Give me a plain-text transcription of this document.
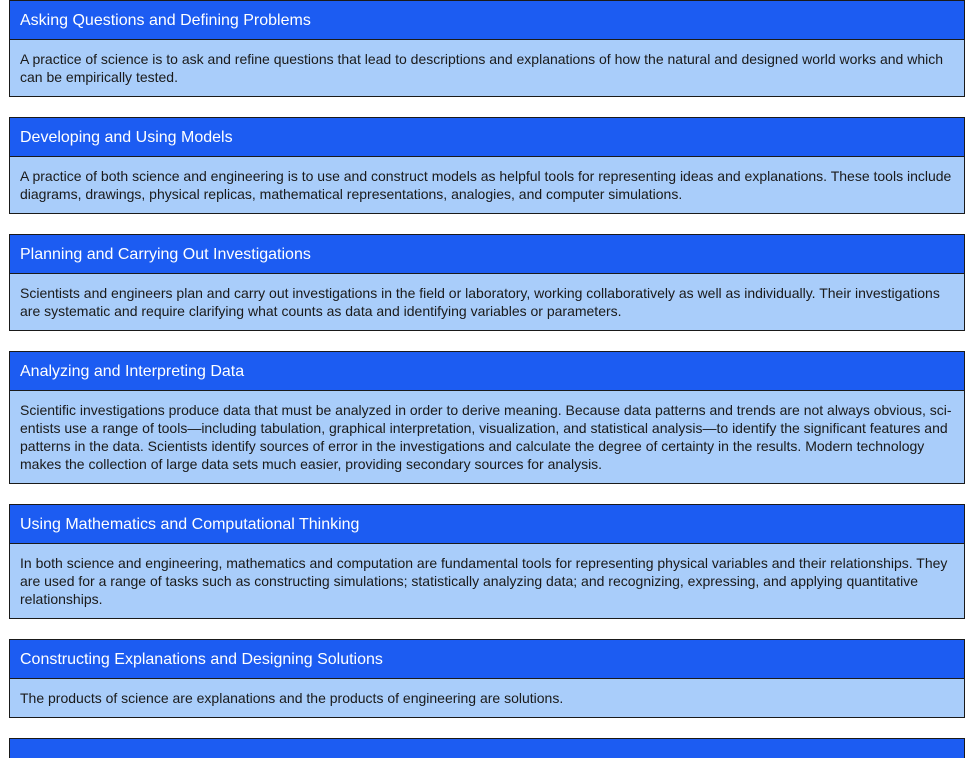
Asking Questions and Defining Problems
A practice of science is to ask and refine questions that lead to descriptions and explanations of how the natural and designed world works and which can be empirically tested.
Developing and Using Models
A practice of both science and engineering is to use and construct models as helpful tools for representing ideas and explanations. These tools include diagrams, drawings, physical replicas, mathematical representations, analogies, and computer simulations.
Planning and Carrying Out Investigations
Scientists and engineers plan and carry out investigations in the field or laboratory, working collaboratively as well as individually. Their investigations are systematic and require clarifying what counts as data and identifying variables or parameters.
Analyzing and Interpreting Data
Scientific investigations produce data that must be analyzed in order to derive meaning. Because data patterns and trends are not always obvious, sci-entists use a range of tools—including tabulation, graphical interpretation, visualization, and statistical analysis—to identify the significant features and patterns in the data. Scientists identify sources of error in the investigations and calculate the degree of certainty in the results. Modern technology makes the collection of large data sets much easier, providing secondary sources for analysis.
Using Mathematics and Computational Thinking
In both science and engineering, mathematics and computation are fundamental tools for representing physical variables and their relationships. They are used for a range of tasks such as constructing simulations; statistically analyzing data; and recognizing, expressing, and applying quantitative relationships.
Constructing Explanations and Designing Solutions
The products of science are explanations and the products of engineering are solutions.
